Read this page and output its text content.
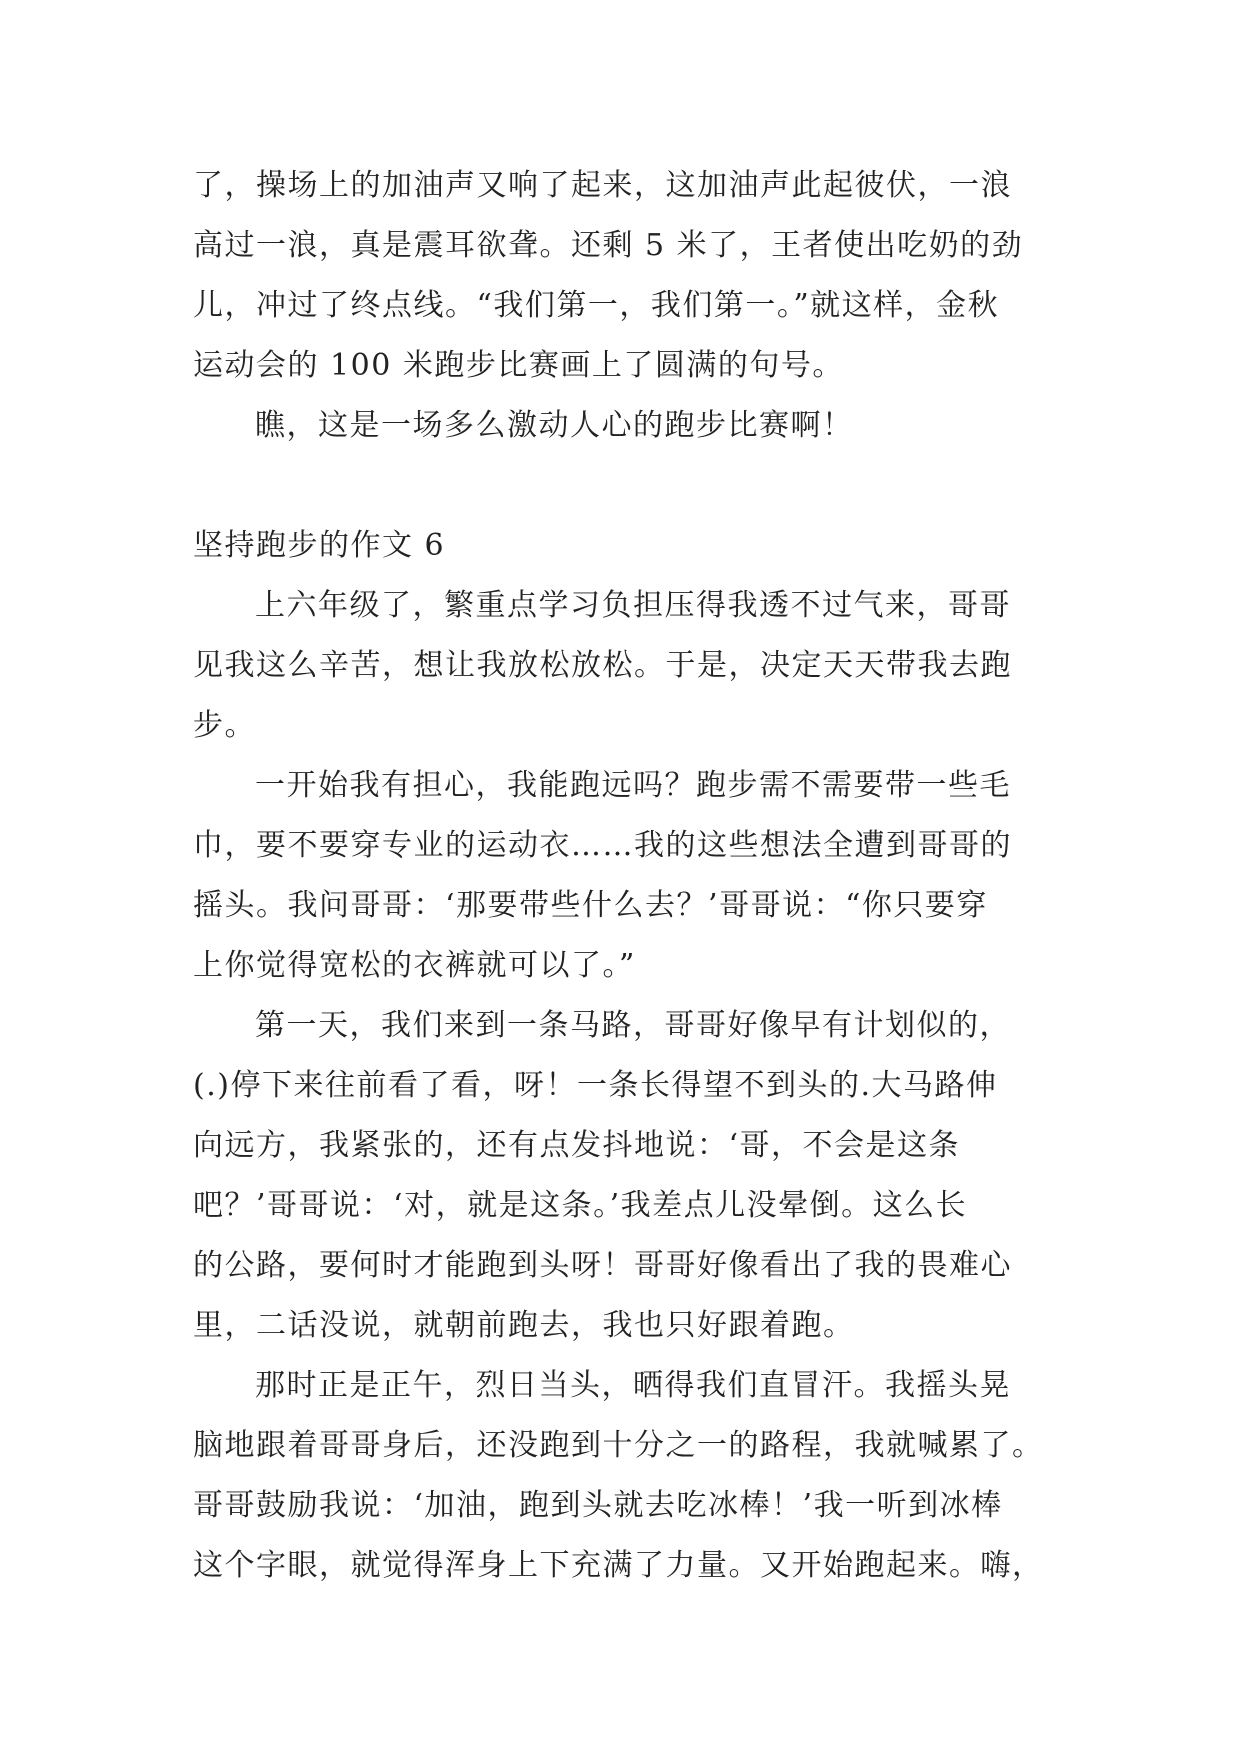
了，操场上的加油声又响了起来，这加油声此起彼伏，一浪
高过一浪，真是震耳欲聋。还剩 5 米了，王者使出吃奶的劲
儿，冲过了终点线。“我们第一，我们第一。”就这样，金秋
运动会的 100 米跑步比赛画上了圆满的句号。
瞧，这是一场多么激动人心的跑步比赛啊！
坚持跑步的作文 6
上六年级了，繁重点学习负担压得我透不过气来，哥哥
见我这么辛苦，想让我放松放松。于是，决定天天带我去跑
步。
一开始我有担心，我能跑远吗？跑步需不需要带一些毛
巾，要不要穿专业的运动衣……我的这些想法全遭到哥哥的
摇头。我问哥哥：‘那要带些什么去？’哥哥说：“你只要穿
上你觉得宽松的衣裤就可以了。”
第一天，我们来到一条马路，哥哥好像早有计划似的，
(.)停下来往前看了看，呀！一条长得望不到头的.大马路伸
向远方，我紧张的，还有点发抖地说：‘哥，不会是这条
吧？’哥哥说：‘对，就是这条。’我差点儿没晕倒。这么长
的公路，要何时才能跑到头呀！哥哥好像看出了我的畏难心
里，二话没说，就朝前跑去，我也只好跟着跑。
那时正是正午，烈日当头，晒得我们直冒汗。我摇头晃
脑地跟着哥哥身后，还没跑到十分之一的路程，我就喊累了。
哥哥鼓励我说：‘加油，跑到头就去吃冰棒！’我一听到冰棒
这个字眼，就觉得浑身上下充满了力量。又开始跑起来。嗨，
